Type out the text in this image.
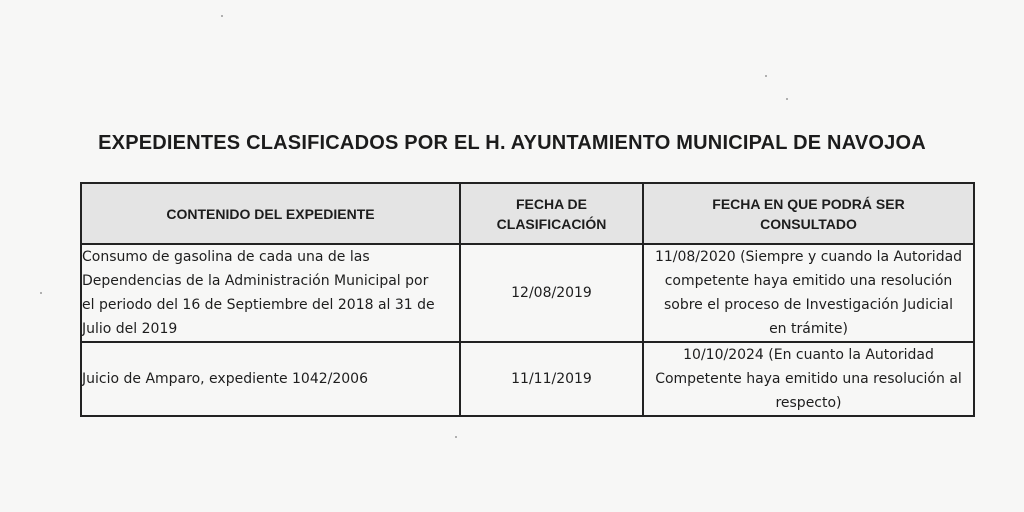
EXPEDIENTES CLASIFICADOS POR EL H. AYUNTAMIENTO MUNICIPAL DE NAVOJOA
CONTENIDO DEL EXPEDIENTE	FECHA DE CLASIFICACIÓN	FECHA EN QUE PODRÁ SER CONSULTADO
Consumo de gasolina de cada una de las Dependencias de la Administración Municipal por el periodo del 16 de Septiembre del 2018 al 31 de Julio del 2019	12/08/2019	11/08/2020 (Siempre y cuando la Autoridad competente haya emitido una resolución sobre el proceso de Investigación Judicial en trámite)
Juicio de Amparo, expediente 1042/2006	11/11/2019	10/10/2024 (En cuanto la Autoridad Competente haya emitido una resolución al respecto)
